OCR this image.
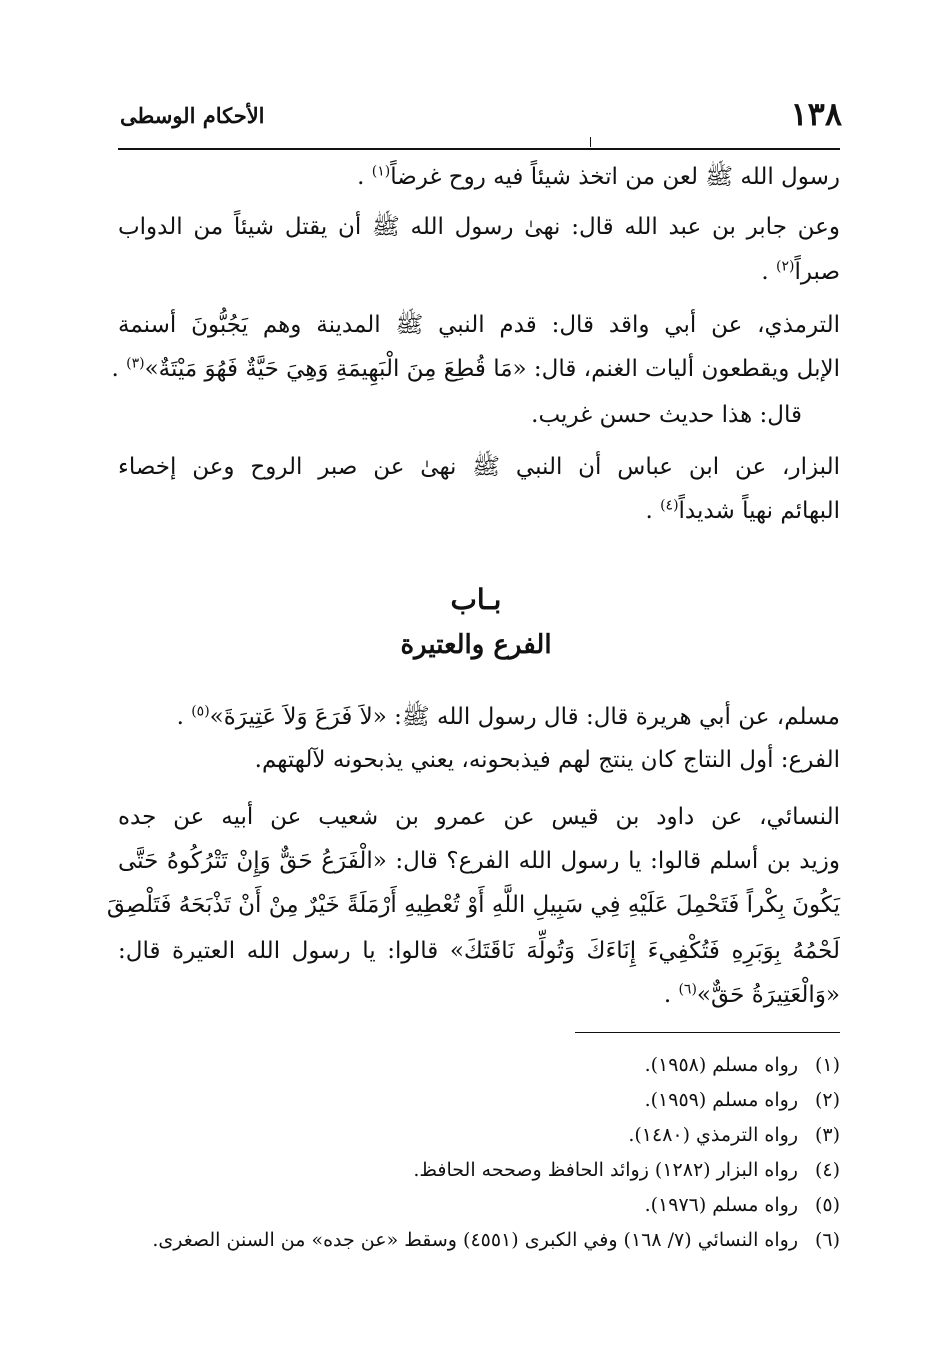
١٣٨
الأحكام الوسطى
رسول الله ﷺ لعن من اتخذ شيئاً فيه روح غرضاً$^{(١)}$ .
وعن جابر بن عبد الله قال: نهىٰ رسول الله ﷺ أن يقتل شيئاً من الدواب
صبراً$^{(٢)}$ .
الترمذي، عن أبي واقد قال: قدم النبي ﷺ المدينة وهم يَجُبُّونَ أسنمة
الإبل ويقطعون أليات الغنم، قال: «مَا قُطِعَ مِنَ الْبَهِيمَةِ وَهِيَ حَيَّةٌ فَهُوَ مَيْتَةٌ»$^{(٣)}$ .
قال: هذا حديث حسن غريب.
البزار، عن ابن عباس أن النبي ﷺ نهىٰ عن صبر الروح وعن إخصاء
البهائم نهياً شديداً$^{(٤)}$ .
بـاب
الفرع والعتيرة
مسلم، عن أبي هريرة قال: قال رسول الله ﷺ: «لاَ فَرَعَ وَلاَ عَتِيرَةَ»$^{(٥)}$ .
الفرع: أول النتاج كان ينتج لهم فيذبحونه، يعني يذبحونه لآلهتهم.
النسائي، عن داود بن قيس عن عمرو بن شعيب عن أبيه عن جده
وزيد بن أسلم قالوا: يا رسول الله الفرع؟ قال: «الْفَرَعُ حَقٌّ وَإِنْ تَتْرُكُوهُ حَتَّى
يَكُونَ بِكْراً فَتَحْمِلَ عَلَيْهِ فِي سَبِيلِ اللَّهِ أَوْ تُعْطِيهِ أَرْمَلَةً خَيْرٌ مِنْ أَنْ تَذْبَحَهُ فَتَلْصِقَ
لَحْمُهُ بِوَبَرِهِ فَتُكْفِيءَ إِنَاءَكَ وَتُولِّهَ نَاقَتَكَ» قالوا: يا رسول الله العتيرة قال:
«وَالْعَتِيرَةُ حَقٌّ»$^{(٦)}$ .
(١)رواه مسلم (١٩٥٨).
(٢)رواه مسلم (١٩٥٩).
(٣)رواه الترمذي (١٤٨٠).
(٤)رواه البزار (١٢٨٢) زوائد الحافظ وصححه الحافظ.
(٥)رواه مسلم (١٩٧٦).
(٦)رواه النسائي (٧/ ١٦٨) وفي الكبرى (٤٥٥١) وسقط «عن جده» من السنن الصغرى.
